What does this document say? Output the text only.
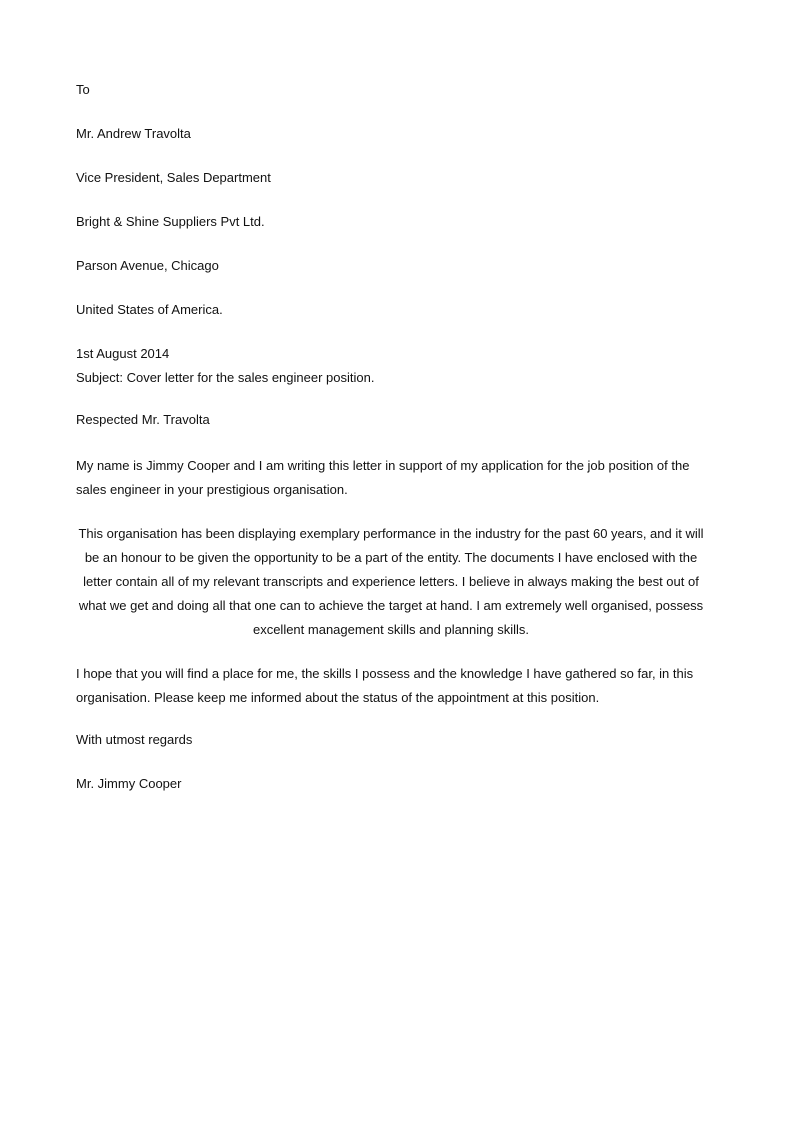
To
Mr. Andrew Travolta
Vice President, Sales Department
Bright & Shine Suppliers Pvt Ltd.
Parson Avenue, Chicago
United States of America.
1st August 2014
Subject: Cover letter for the sales engineer position.
Respected Mr. Travolta
My name is Jimmy Cooper and I am writing this letter in support of my application for the job position of the
sales engineer in your prestigious organisation.
This organisation has been displaying exemplary performance in the industry for the past 60 years, and it will
be an honour to be given the opportunity to be a part of the entity. The documents I have enclosed with the
letter contain all of my relevant transcripts and experience letters. I believe in always making the best out of
what we get and doing all that one can to achieve the target at hand. I am extremely well organised, possess
excellent management skills and planning skills.
I hope that you will find a place for me, the skills I possess and the knowledge I have gathered so far, in this
organisation. Please keep me informed about the status of the appointment at this position.
With utmost regards
Mr. Jimmy Cooper
